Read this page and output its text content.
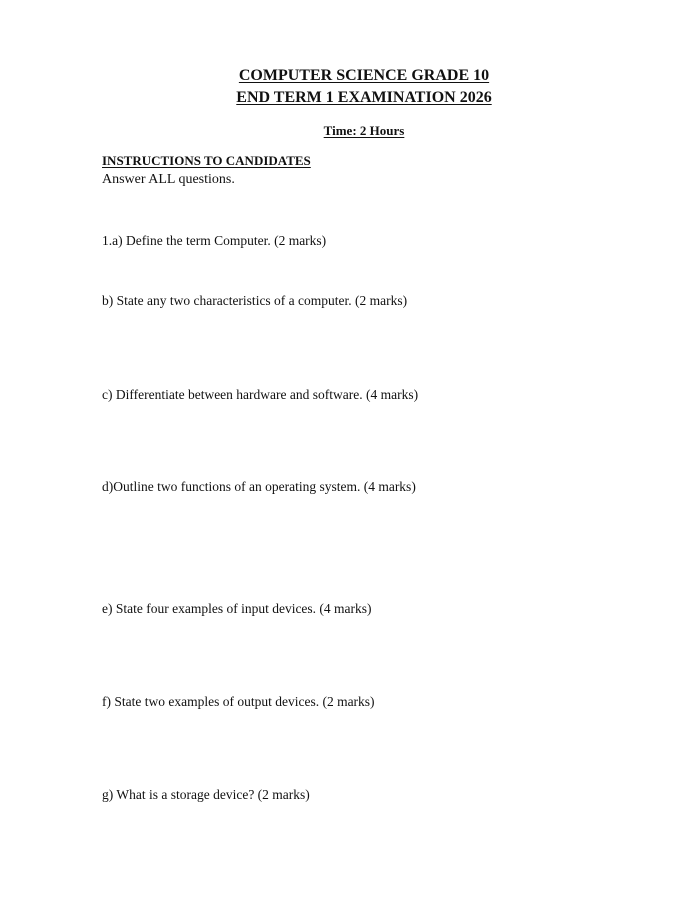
COMPUTER SCIENCE GRADE 10
END TERM 1 EXAMINATION 2026
Time: 2 Hours
INSTRUCTIONS TO CANDIDATES
Answer ALL questions.
1.a) Define the term Computer. (2 marks)
b) State any two characteristics of a computer. (2 marks)
c) Differentiate between hardware and software. (4 marks)
d)Outline two functions of an operating system. (4 marks)
e) State four examples of input devices. (4 marks)
f) State two examples of output devices. (2 marks)
g) What is a storage device? (2 marks)
